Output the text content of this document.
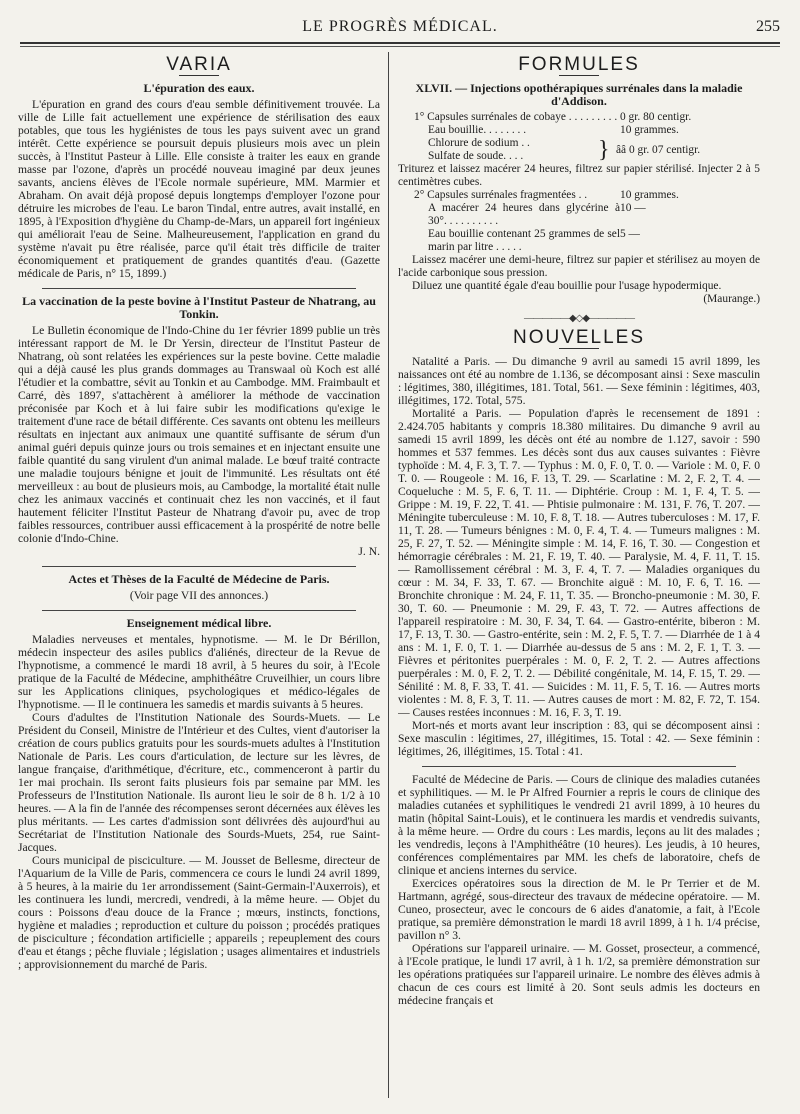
LE PROGRÈS MÉDICAL.	255
VARIA
L'épuration des eaux.

L'épuration en grand des cours d'eau semble définitivement trouvée. La ville de Lille fait actuellement une expérience de stérilisation des eaux potables, que tous les hygiénistes de tous les pays suivent avec un grand intérêt. Cette expérience se poursuit depuis plusieurs mois avec un plein succès, à l'Institut Pasteur à Lille. Elle consiste à traiter les eaux en grande masse par l'ozone, d'après un procédé nouveau imaginé par deux jeunes savants, anciens élèves de l'Ecole normale supérieure, MM. Marmier et Abraham. On avait déjà proposé depuis longtemps d'employer l'ozone pour détruire les microbes de l'eau. Le baron Tindal, entre autres, avait installé, en 1895, à l'Exposition d'hygiène du Champ-de-Mars, un appareil fort ingénieux qui améliorait l'eau de Seine. Malheureusement, l'application en grand du système n'avait pu être réalisée, parce qu'il était très difficile de traiter économiquement et pratiquement de grandes quantités d'eau. (Gazette médicale de Paris, n° 15, 1899.)

La vaccination de la peste bovine à l'Institut Pasteur de Nhatrang, au Tonkin.

Le Bulletin économique de l'Indo-Chine du 1er février 1899 publie un très intéressant rapport de M. le Dr Yersin, directeur de l'Institut Pasteur de Nhatrang, où sont relatées les expériences sur la peste bovine. Cette maladie qui a déjà causé les plus grands dommages au Transwaal où Koch est allé l'étudier et la combattre, sévit au Tonkin et au Cambodge. MM. Fraimbault et Carré, dès 1897, s'attachèrent à améliorer la méthode de vaccination préconisée par Koch et à lui faire subir les modifications qu'exige le traitement d'une race de bétail différente. Ces savants ont obtenu les meilleurs résultats en injectant aux animaux une quantité suffisante de sérum d'un animal guéri depuis quinze jours ou trois semaines et en injectant ensuite une faible quantité du sang virulent d'un animal malade. Le bœuf traité contracte une maladie toujours bénigne et jouit de l'immunité. Les résultats ont été merveilleux : au bout de plusieurs mois, au Cambodge, la mortalité était nulle chez les animaux vaccinés et continuait chez les non vaccinés, et il faut hautement féliciter l'Institut Pasteur de Nhatrang d'avoir pu, avec de trop faibles ressources, contribuer aussi efficacement à la prospérité de notre belle colonie d'Indo-Chine.

J. N.

Actes et Thèses de la Faculté de Médecine de Paris.

(Voir page VII des annonces.)

Enseignement médical libre.

Maladies nerveuses et mentales, hypnotisme. — M. le Dr Bérillon, médecin inspecteur des asiles publics d'aliénés, directeur de la Revue de l'hypnotisme, a commencé le mardi 18 avril, à 5 heures du soir, à l'Ecole pratique de la Faculté de Médecine, amphithéâtre Cruveilhier, un cours libre sur les Applications cliniques, psychologiques et médico-légales de l'hypnotisme. — Il le continuera les samedis et mardis suivants à 5 heures.

Cours d'adultes de l'Institution Nationale des Sourds-Muets. — Le Président du Conseil, Ministre de l'Intérieur et des Cultes, vient d'autoriser la création de cours publics gratuits pour les sourds-muets adultes à l'Institution Nationale de Paris. Les cours d'articulation, de lecture sur les lèvres, de langue française, d'arithmétique, d'écriture, etc., commenceront à partir du 1er mai prochain. Ils seront faits plusieurs fois par semaine par MM. les Professeurs de l'Institution Nationale. Ils auront lieu le soir de 8 h. 1/2 à 10 heures. — A la fin de l'année des récompenses seront décernées aux élèves les plus méritants. — Les cartes d'admission sont délivrées dès aujourd'hui au Secrétariat de l'Institution Nationale des Sourds-Muets, 254, rue Saint-Jacques.

Cours municipal de pisciculture. — M. Jousset de Bellesme, directeur de l'Aquarium de la Ville de Paris, commencera ce cours le lundi 24 avril 1899, à 5 heures, à la mairie du 1er arrondissement (Saint-Germain-l'Auxerrois), et les continuera les lundi, mercredi, vendredi, à la même heure. — Objet du cours : Poissons d'eau douce de la France ; mœurs, instincts, fonctions, hygiène et maladies ; reproduction et culture du poisson ; procédés pratiques de pisciculture ; fécondation artificielle ; appareils ; repeuplement des cours d'eau et étangs ; pêche fluviale ; législation ; usages alimentaires et industriels ; approvisionnement du marché de Paris.

FORMULES
XLVII. — Injections opothérapiques surrénales dans la maladie d'Addison.
1° Capsules surrénales de cobaye . . . . . . . . . 0 gr. 80 centigr.
Eau bouillie. . . . . . . .	10 grammes.
Chlorure de sodium . .
Sulfate de soude. . . .	} ââ 0 gr. 07 centigr.

Triturez et laissez macérer 24 heures, filtrez sur papier stérilisé. Injecter 2 à 5 centimètres cubes.

2° Capsules surrénales fragmentées . .	10 grammes.
A macérer 24 heures dans glycérine à 30°. . . . . . . . . .
10 —
Eau bouillie contenant 25 grammes de sel marin par litre . . . . .
5 —

Laissez macérer une demi-heure, filtrez sur papier et stérilisez au moyen de l'acide carbonique sous pression.

Diluez une quantité égale d'eau bouillie pour l'usage hypodermique.

(Maurange.)

—————◆◇◆—————
NOUVELLES

Natalité a Paris. — Du dimanche 9 avril au samedi 15 avril 1899, les naissances ont été au nombre de 1.136, se décomposant ainsi : Sexe masculin : légitimes, 380, illégitimes, 181. Total, 561. — Sexe féminin : légitimes, 403, illégitimes, 172. Total, 575.

Mortalité a Paris. — Population d'après le recensement de 1891 : 2.424.705 habitants y compris 18.380 militaires. Du dimanche 9 avril au samedi 15 avril 1899, les décès ont été au nombre de 1.127, savoir : 590 hommes et 537 femmes. Les décès sont dus aux causes suivantes : Fièvre typhoïde : M. 4, F. 3, T. 7. — Typhus : M. 0, F. 0, T. 0. — Variole : M. 0, F. 0 T. 0. — Rougeole : M. 16, F. 13, T. 29. — Scarlatine : M. 2, F. 2, T. 4. — Coqueluche : M. 5, F. 6, T. 11. — Diphtérie. Croup : M. 1, F. 4, T. 5. — Grippe : M. 19, F. 22, T. 41. — Phtisie pulmonaire : M. 131, F. 76, T. 207. — Méningite tuberculeuse : M. 10, F. 8, T. 18. — Autres tuberculoses : M. 17, F. 11, T. 28. — Tumeurs bénignes : M. 0, F. 4, T. 4. — Tumeurs malignes : M. 25, F. 27, T. 52. — Méningite simple : M. 14, F. 16, T. 30. — Congestion et hémorragie cérébrales : M. 21, F. 19, T. 40. — Paralysie, M. 4, F. 11, T. 15. — Ramollissement cérébral : M. 3, F. 4, T. 7. — Maladies organiques du cœur : M. 34, F. 33, T. 67. — Bronchite aiguë : M. 10, F. 6, T. 16. — Bronchite chronique : M. 24, F. 11, T. 35. — Broncho-pneumonie : M. 30, F. 30, T. 60. — Pneumonie : M. 29, F. 43, T. 72. — Autres affections de l'appareil respiratoire : M. 30, F. 34, T. 64. — Gastro-entérite, biberon : M. 17, F. 13, T. 30. — Gastro-entérite, sein : M. 2, F. 5, T. 7. — Diarrhée de 1 à 4 ans : M. 1, F. 0, T. 1. — Diarrhée au-dessus de 5 ans : M. 2, F. 1, T. 3. — Fièvres et péritonites puerpérales : M. 0, F. 2, T. 2. — Autres affections puerpérales : M. 0, F. 2, T. 2. — Débilité congénitale, M. 14, F. 15, T. 29. — Sénilité : M. 8, F. 33, T. 41. — Suicides : M. 11, F. 5, T. 16. — Autres morts violentes : M. 8, F. 3, T. 11. — Autres causes de mort : M. 82, F. 72, T. 154. — Causes restées inconnues : M. 16, F. 3, T. 19.

Mort-nés et morts avant leur inscription : 83, qui se décomposent ainsi : Sexe masculin : légitimes, 27, illégitimes, 15. Total : 42. — Sexe féminin : légitimes, 26, illégitimes, 15. Total : 41.

Faculté de Médecine de Paris. — Cours de clinique des maladies cutanées et syphilitiques. — M. le Pr Alfred Fournier a repris le cours de clinique des maladies cutanées et syphilitiques le vendredi 21 avril 1899, à 10 heures du matin (hôpital Saint-Louis), et le continuera les mardis et vendredis suivants, à la même heure. — Ordre du cours : Les mardis, leçons au lit des malades ; les vendredis, leçons à l'Amphithéâtre (10 heures). Les jeudis, à 10 heures, conférences complémentaires par MM. les chefs de laboratoire, chefs de clinique et anciens internes du service.

Exercices opératoires sous la direction de M. le Pr Terrier et de M. Hartmann, agrégé, sous-directeur des travaux de médecine opératoire. — M. Cuneo, prosecteur, avec le concours de 6 aides d'anatomie, a fait, à l'Ecole pratique, sa première démonstration le mardi 18 avril 1899, à 1 h. 1/4 précise, pavillon n° 3.

Opérations sur l'appareil urinaire. — M. Gosset, prosecteur, a commencé, à l'Ecole pratique, le lundi 17 avril, à 1 h. 1/2, sa première démonstration sur les opérations pratiquées sur l'appareil urinaire. Le nombre des élèves admis à chacun de ces cours est limité à 20. Sont seuls admis les docteurs en médecine français et
